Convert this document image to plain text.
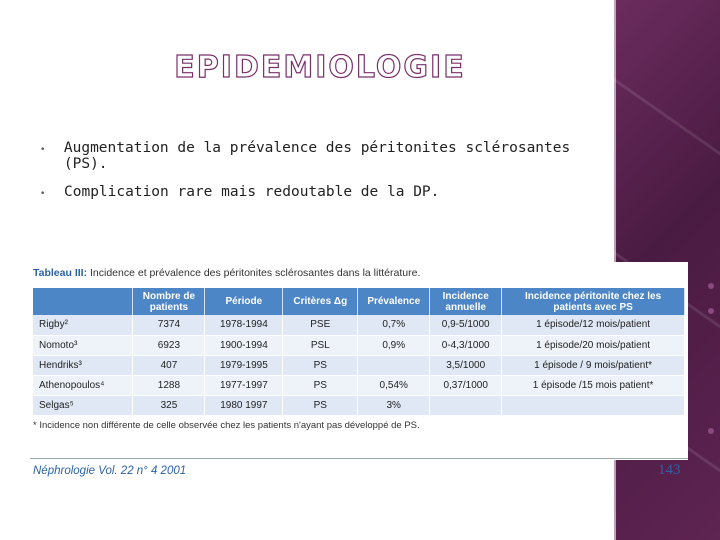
EPIDEMIOLOGIE
•	Augmentation de la prévalence des péritonites sclérosantes (PS).
•	Complication rare mais redoutable de la DP.
Tableau III: Incidence et prévalence des péritonites sclérosantes dans la littérature.
	Nombre de patients	Période	Critères Δg	Prévalence	Incidence annuelle	Incidence péritonite chez les patients avec PS
Rigby²	7374	1978-1994	PSE	0,7%	0,9-5/1000	1 épisode/12 mois/patient
Nomoto³	6923	1900-1994	PSL	0,9%	0-4,3/1000	1 épisode/20 mois/patient
Hendriks³	407	1979-1995	PS		3,5/1000	1 épisode / 9 mois/patient*
Athenopoulos⁴	1288	1977-1997	PS	0,54%	0,37/1000	1 épisode /15 mois patient*
Selgas⁵	325	1980 1997	PS	3%		
* Incidence non différente de celle observée chez les patients n'ayant pas développé de PS.
Néphrologie Vol. 22 n° 4 2001	143
